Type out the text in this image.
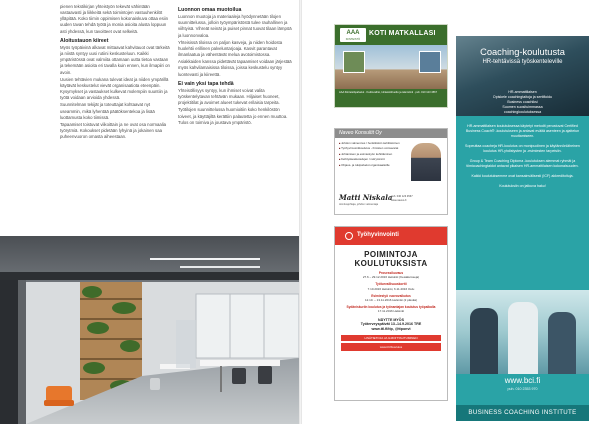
pienen tekstikirjan yhteistyön tekevät vähintään vastaavasti ja liikkeitä sekä toimintojen vastuuhenkilöt ylläpitää. Koko tiimin oppimisen kokonaiskuva ottaa esiin uuden tavan tehdä työtä ja monia asioita alusta loppuun asti yhdessä, kun tavoitteet ovat selkeitä.

Aloitustauon kiireet

Myös työpäivinä alkavat mittaavat kahvitauot ovat tärkeitä ja niistä syntyy uusi rutiini keskusteluun. Kaikki ympäristössä ovat valmiita ottamaan uutta tietoa vastaan ja tekemään asioita eri tavalla kuin ennen, kun ilmapiiri on avoin.

Uusien tehtävien mukana tulevat ideat ja niiden ympärillä käytävät keskustelut vievät organisaatiota eteenpäin. Kysymykset ja vastaukset kulkevat molempiin suuntiin ja työtä voidaan arvioida yhdessä.

Suunnitelman tekijät ja toteuttajat kohtaavat nyt useammin, mikä lyhentää päätöksentekoa ja lisää luottamusta koko tiimissä.

Tapaamiset toistuvat viikoittain ja ne ovat osa normaalia työrytmiä. Kokoukset pidetään lyhyinä ja jokainen saa puheenvuoron omasta aiheestaan.

Luonnon omaa muotoilua

Luonnon muotoja ja materiaaleja hyödynnetään tilojen suunnittelussa, jolloin työympäristöstä tulee rauhallinen ja viihtyisä. Vihreät seinät ja puiset pinnat tuovat tilaan lämpöä ja luonnonvaloa.

Yhteisissä tiloissa on paljon kasveja, ja niiden hoidosta huolehtii erillinen palveluntarjoaja. Kasvit parantavat ilmanlaatua ja vähentävät melua avotoimistossa.

Asiakkaiden kanssa pidettävät tapaamiset voidaan järjestää myös kahvilamaisissa tiloissa, joissa keskustelu syntyy luontevasti ja kiireettä.

Ei vain yksi tapa tehdä

Yhteisöllisyys syntyy, kun ihmiset voivat valita työskentelytavan tehtävän mukaan. Hiljaiset huoneet, projektitilat ja avoimet alueet tukevat erilaisia tarpeita.

Työtilojen suunnittelussa huomioitiin koko henkilöstön toiveet, ja käyttäjiltä kerättiin palautetta jo ennen muuttoa. Tulos on toimiva ja joustava ympäristö.

AAA
KIINTEISTÖ
KOTI MATKALLASI
AAA Kiinteistöpalvelut · Kodinvaihto, kiinteistöhuolto ja isännöinti · puh. 010 123 4567
Naveo Konsultit Oy
■ Johdon valmennus / henkilöstön kehittäminen
■ Työhyvinvointikoulutus - ihmisten voimavarat
■ Johtamisen ja esimiestyön kehittäminen
■ Kehityskeskustelujen / rekrytoinnit
■ Ohjaus- ja tukipalvelut organisaatioille
Matti Niskala
toimitusjohtaja, johdon valmentaja
puh. 040 123 4567
www.naveo.fi
Työhyvinvointi
POIMINTOJA
KOULUTUKSISTA
Prosessikuvaus
27.6 – 29.12.2016 Helsinki (Kesäkursseja)
Työturvallisuuskortti
7.10.2016 Helsinki, 6.11.2016 Oulu
Esimiestyö vuorovaikutus
12.10. – 13.11.2016 Helsinki (2 päivää)
Sydäniskuriin koulutus ja työnantajan koulutus työpaikalla
17.11.2016 Helsinki
NÄYTTE MYÖS
Työterveyspäivät 13.-14.9.2016 TRE
www.ttl.fi/ttp, @ttponvt
LISÄTIETOJA JA ILMOITTAUTUMINEN
www.ttl.fi/koulutus
Coaching-koulutusta
HR-tehtävissä työskenteleville
HR-ammattilaisen
Opiskele coachingtaitoja ja sertifioidu
Business coachiksi
Suomen suosituimmassa
coachingkoulutuksessa

HR-ammattilaisen koulutuksessa käytetyt metodit perustuvat Certified Business Coach® -koulutukseen ja antavat eväitä asenteen ja ajattelun muuttamiseen.

Sopeuttaa coacheja HR-koulutus on monipuolinen ja käytännönläheinen koulutus HR-yhdistysten ja -esimiesten tarpeisiin.

Group & Team Coaching Diploma -koulutuksen aiemmat ryhmät ja tiimicoachingtaidot antavat pikaisen HR-ammattilaisen kokonaisuuden.

Kaikki koulutuksemme ovat kansainvälisesti (ICF) akkreditoituja.

Koulutuksiin on jatkuva haku!

www.bci.fi
puh. 010 2353 970
BUSINESS COACHING INSTITUTE
